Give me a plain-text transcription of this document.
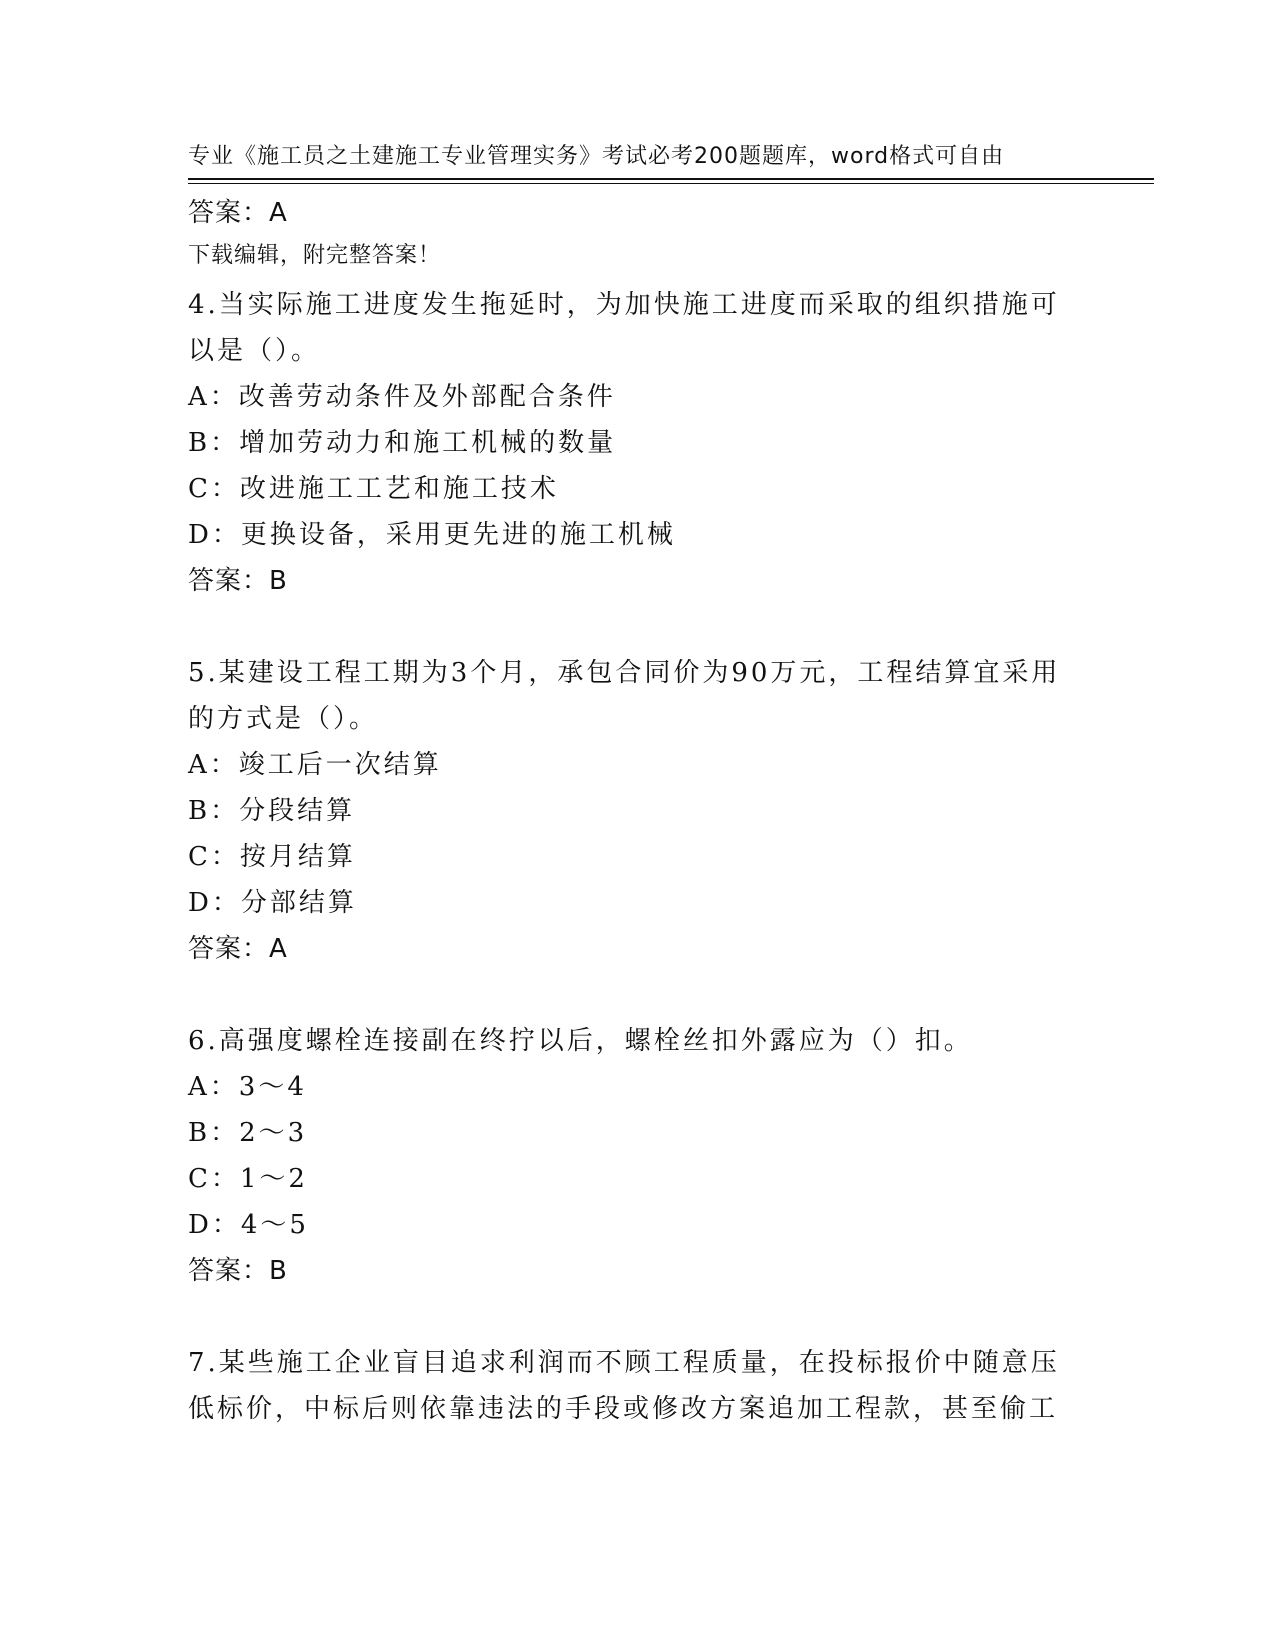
专业《施工员之土建施工专业管理实务》考试必考200题题库，word格式可自由

下载编辑，附完整答案！

答案：A
4.当实际施工进度发生拖延时，为加快施工进度而采取的组织措施可
以是（）。
A：改善劳动条件及外部配合条件
B：增加劳动力和施工机械的数量
C：改进施工工艺和施工技术
D：更换设备，采用更先进的施工机械
答案：B
5.某建设工程工期为3个月，承包合同价为90万元，工程结算宜采用
的方式是（）。
A：竣工后一次结算
B：分段结算
C：按月结算
D：分部结算
答案：A
6.高强度螺栓连接副在终拧以后，螺栓丝扣外露应为（）扣。
A：3～4
B：2～3
C：1～2
D：4～5
答案：B
7.某些施工企业盲目追求利润而不顾工程质量，在投标报价中随意压
低标价，中标后则依靠违法的手段或修改方案追加工程款，甚至偷工
